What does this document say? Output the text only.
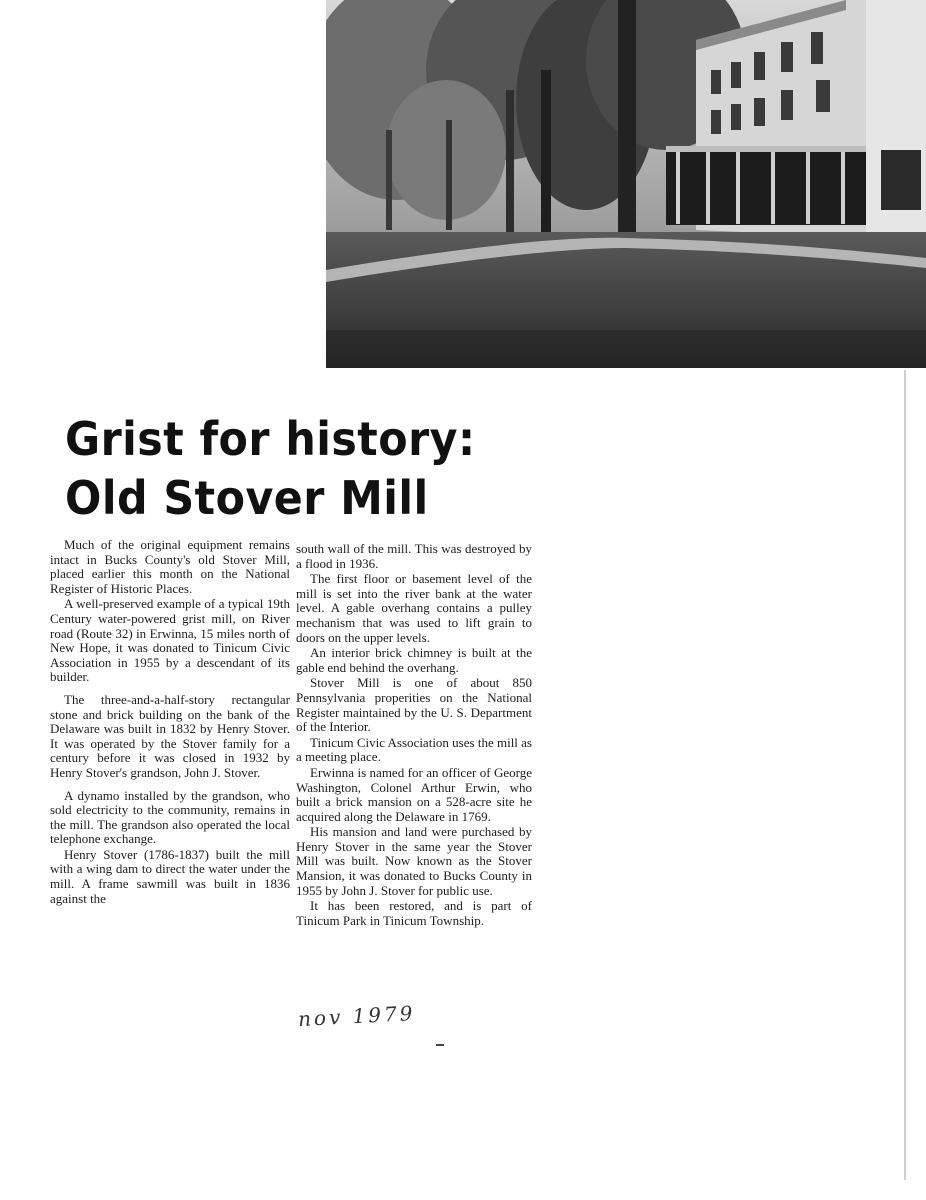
Grist for history:
Old Stover Mill

Much of the original equipment remains intact in Bucks County's old Stover Mill, placed earlier this month on the National Register of Historic Places.

A well-preserved example of a typical 19th Century water-powered grist mill, on River road (Route 32) in Erwinna, 15 miles north of New Hope, it was donated to Tinicum Civic Association in 1955 by a descendant of its builder.

The three-and-a-half-story rectangular stone and brick building on the bank of the Delaware was built in 1832 by Henry Stover. It was operated by the Stover family for a century before it was closed in 1932 by Henry Stover's grandson, John J. Stover.

A dynamo installed by the grandson, who sold electricity to the community, remains in the mill. The grandson also operated the local telephone exchange.

Henry Stover (1786-1837) built the mill with a wing dam to direct the water under the mill. A frame sawmill was built in 1836 against the

south wall of the mill. This was destroyed by a flood in 1936.

The first floor or basement level of the mill is set into the river bank at the water level. A gable overhang contains a pulley mechanism that was used to lift grain to doors on the upper levels.

An interior brick chimney is built at the gable end behind the overhang.

Stover Mill is one of about 850 Pennsylvania properities on the National Register maintained by the U. S. Department of the Interior.

Tinicum Civic Association uses the mill as a meeting place.

Erwinna is named for an officer of George Washington, Colonel Arthur Erwin, who built a brick mansion on a 528-acre site he acquired along the Delaware in 1769.

His mansion and land were purchased by Henry Stover in the same year the Stover Mill was built. Now known as the Stover Mansion, it was donated to Bucks County in 1955 by John J. Stover for public use.

It has been restored, and is part of Tinicum Park in Tinicum Township.

nov 1979
